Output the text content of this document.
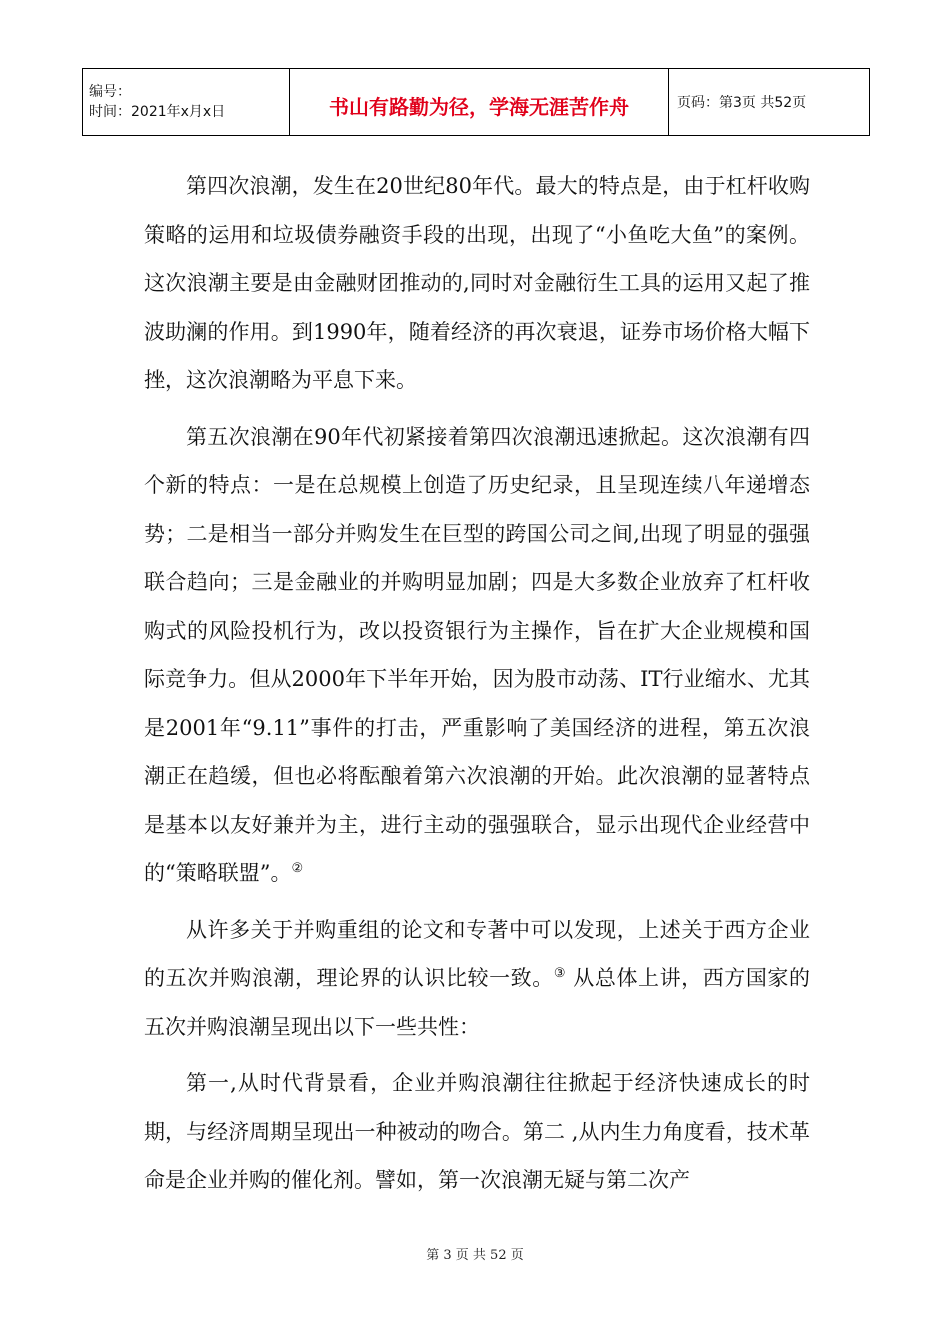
编号：
时间：2021年x月x日	书山有路勤为径，学海无涯苦作舟	页码：第3页 共52页

第四次浪潮，发生在20世纪80年代。最大的特点是，由于杠杆收购策略的运用和垃圾债券融资手段的出现，出现了“小鱼吃大鱼”的案例。这次浪潮主要是由金融财团推动的,同时对金融衍生工具的运用又起了推波助澜的作用。到1990年，随着经济的再次衰退，证券市场价格大幅下挫，这次浪潮略为平息下来。

第五次浪潮在90年代初紧接着第四次浪潮迅速掀起。这次浪潮有四个新的特点：一是在总规模上创造了历史纪录，且呈现连续八年递增态势；二是相当一部分并购发生在巨型的跨国公司之间,出现了明显的强强联合趋向；三是金融业的并购明显加剧；四是大多数企业放弃了杠杆收购式的风险投机行为，改以投资银行为主操作，旨在扩大企业规模和国际竞争力。但从2000年下半年开始，因为股市动荡、IT行业缩水、尤其是2001年“9.11”事件的打击，严重影响了美国经济的进程，第五次浪潮正在趋缓，但也必将酝酿着第六次浪潮的开始。此次浪潮的显著特点是基本以友好兼并为主，进行主动的强强联合，显示出现代企业经营中的“策略联盟”。②

从许多关于并购重组的论文和专著中可以发现，上述关于西方企业的五次并购浪潮，理论界的认识比较一致。③ 从总体上讲，西方国家的五次并购浪潮呈现出以下一些共性：

第一,从时代背景看，企业并购浪潮往往掀起于经济快速成长的时期，与经济周期呈现出一种被动的吻合。第二 ,从内生力角度看，技术革命是企业并购的催化剂。譬如，第一次浪潮无疑与第二次产

第 3 页 共 52 页
